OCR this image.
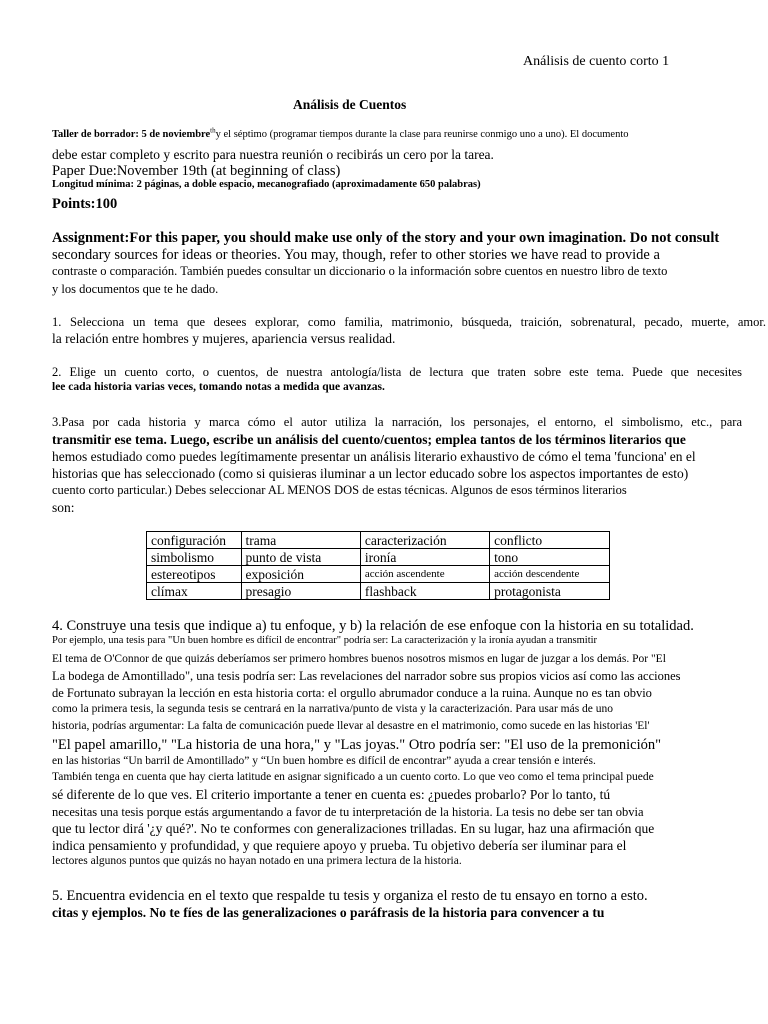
Análisis de cuento corto 1
Análisis de Cuentos
Taller de borrador: 5 de noviembre$^{th}$y el séptimo (programar tiempos durante la clase para reunirse conmigo uno a uno). El documento
debe estar completo y escrito para nuestra reunión o recibirás un cero por la tarea.
Paper Due:November 19th (at beginning of class)
Longitud mínima: 2 páginas, a doble espacio, mecanografiado (aproximadamente 650 palabras)
Points:100
Assignment:For this paper, you should make use only of the story and your own imagination. Do not consult
secondary sources for ideas or theories. You may, though, refer to other stories we have read to provide a
contraste o comparación. También puedes consultar un diccionario o la información sobre cuentos en nuestro libro de texto
y los documentos que te he dado.
1. Selecciona un tema que desees explorar, como familia, matrimonio, búsqueda, traición, sobrenatural, pecado, muerte, amor.
la relación entre hombres y mujeres, apariencia versus realidad.
2. Elige un cuento corto, o cuentos, de nuestra antología/lista de lectura que traten sobre este tema. Puede que necesites
lee cada historia varias veces, tomando notas a medida que avanzas.
3.Pasa por cada historia y marca cómo el autor utiliza la narración, los personajes, el entorno, el simbolismo, etc., para
transmitir ese tema. Luego, escribe un análisis del cuento/cuentos; emplea tantos de los términos literarios que
hemos estudiado como puedes legítimamente presentar un análisis literario exhaustivo de cómo el tema 'funciona' en el
historias que has seleccionado (como si quisieras iluminar a un lector educado sobre los aspectos importantes de esto)
cuento corto particular.) Debes seleccionar AL MENOS DOS de estas técnicas. Algunos de esos términos literarios
son:
configuración	trama	caracterización	conflicto
simbolismo	punto de vista	ironía	tono
estereotipos	exposición	acción ascendente	acción descendente
clímax	presagio	flashback	protagonista
4. Construye una tesis que indique a) tu enfoque, y b) la relación de ese enfoque con la historia en su totalidad.
Por ejemplo, una tesis para "Un buen hombre es difícil de encontrar" podría ser: La caracterización y la ironía ayudan a transmitir
El tema de O'Connor de que quizás deberíamos ser primero hombres buenos nosotros mismos en lugar de juzgar a los demás. Por "El
La bodega de Amontillado", una tesis podría ser: Las revelaciones del narrador sobre sus propios vicios así como las acciones
de Fortunato subrayan la lección en esta historia corta: el orgullo abrumador conduce a la ruina. Aunque no es tan obvio
como la primera tesis, la segunda tesis se centrará en la narrativa/punto de vista y la caracterización. Para usar más de uno
historia, podrías argumentar: La falta de comunicación puede llevar al desastre en el matrimonio, como sucede en las historias 'El'
"El papel amarillo," "La historia de una hora," y "Las joyas." Otro podría ser: "El uso de la premonición"
en las historias “Un barril de Amontillado” y “Un buen hombre es difícil de encontrar” ayuda a crear tensión e interés.
También tenga en cuenta que hay cierta latitude en asignar significado a un cuento corto. Lo que veo como el tema principal puede
sé diferente de lo que ves. El criterio importante a tener en cuenta es: ¿puedes probarlo? Por lo tanto, tú
necesitas una tesis porque estás argumentando a favor de tu interpretación de la historia. La tesis no debe ser tan obvia
que tu lector dirá '¿y qué?'. No te conformes con generalizaciones trilladas. En su lugar, haz una afirmación que
indica pensamiento y profundidad, y que requiere apoyo y prueba. Tu objetivo debería ser iluminar para el
lectores algunos puntos que quizás no hayan notado en una primera lectura de la historia.
5. Encuentra evidencia en el texto que respalde tu tesis y organiza el resto de tu ensayo en torno a esto.
citas y ejemplos. No te fíes de las generalizaciones o paráfrasis de la historia para convencer a tu
